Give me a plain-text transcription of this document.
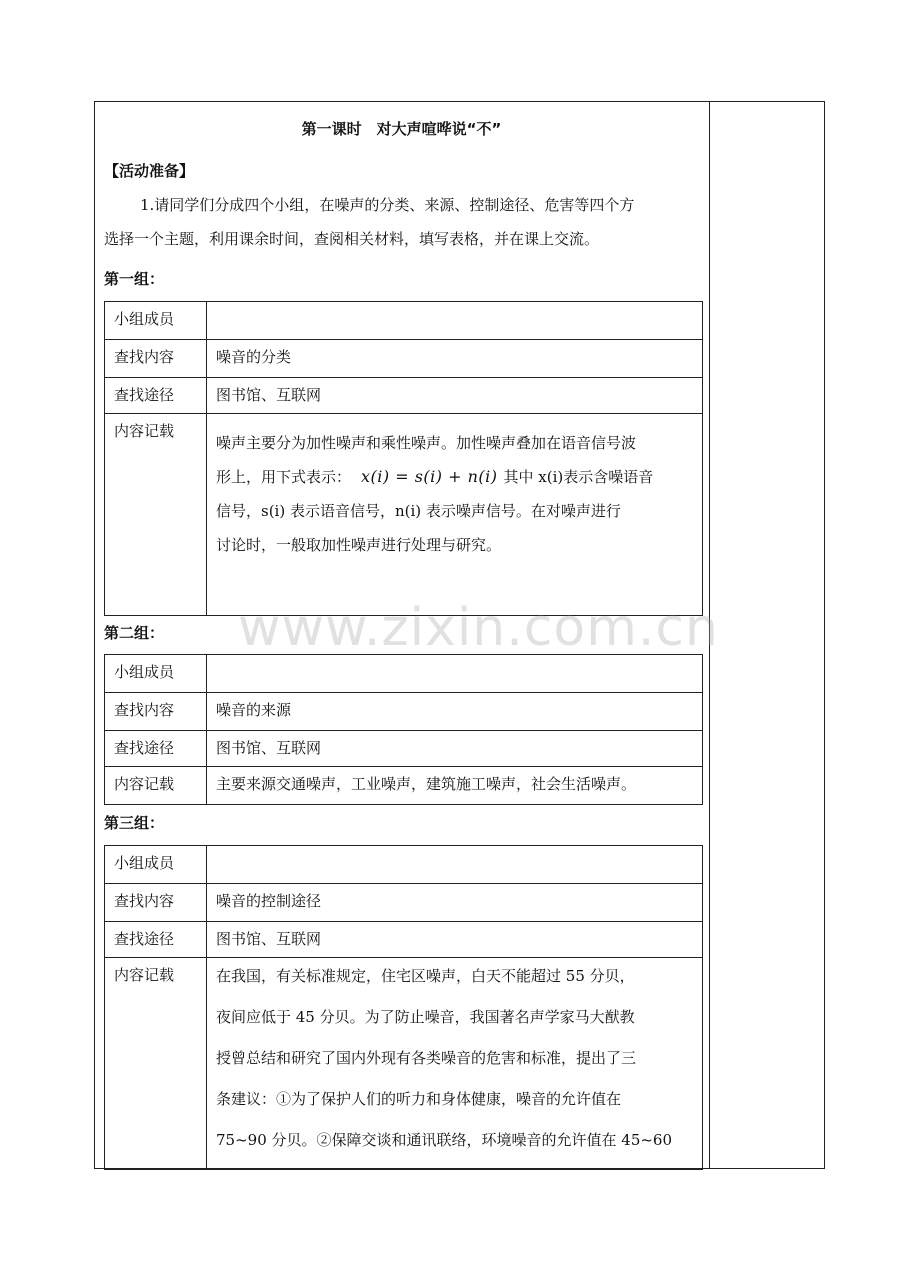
第一课时　对大声喧哗说“不”
【活动准备】
1.请同学们分成四个小组，在噪声的分类、来源、控制途径、危害等四个方
选择一个主题，利用课余时间，查阅相关材料，填写表格，并在课上交流。
第一组：
小组成员	
查找内容	噪音的分类
查找途径	图书馆、互联网
内容记载	噪声主要分为加性噪声和乘性噪声。加性噪声叠加在语音信号波
形上，用下式表示： x(i) = s(i) + n(i) 其中 x(i)表示含噪语音
信号，s(i) 表示语音信号，n(i) 表示噪声信号。在对噪声进行
讨论时，一般取加性噪声进行处理与研究。
第二组：
小组成员	
查找内容	噪音的来源
查找途径	图书馆、互联网
内容记载	主要来源交通噪声，工业噪声，建筑施工噪声，社会生活噪声。
第三组：
小组成员	
查找内容	噪音的控制途径
查找途径	图书馆、互联网
内容记载	在我国，有关标准规定，住宅区噪声，白天不能超过 55 分贝，
夜间应低于 45 分贝。为了防止噪音，我国著名声学家马大猷教
授曾总结和研究了国内外现有各类噪音的危害和标准，提出了三
条建议：①为了保护人们的听力和身体健康，噪音的允许值在
75~90 分贝。②保障交谈和通讯联络，环境噪音的允许值在 45~60
www.zixin.com.cn
